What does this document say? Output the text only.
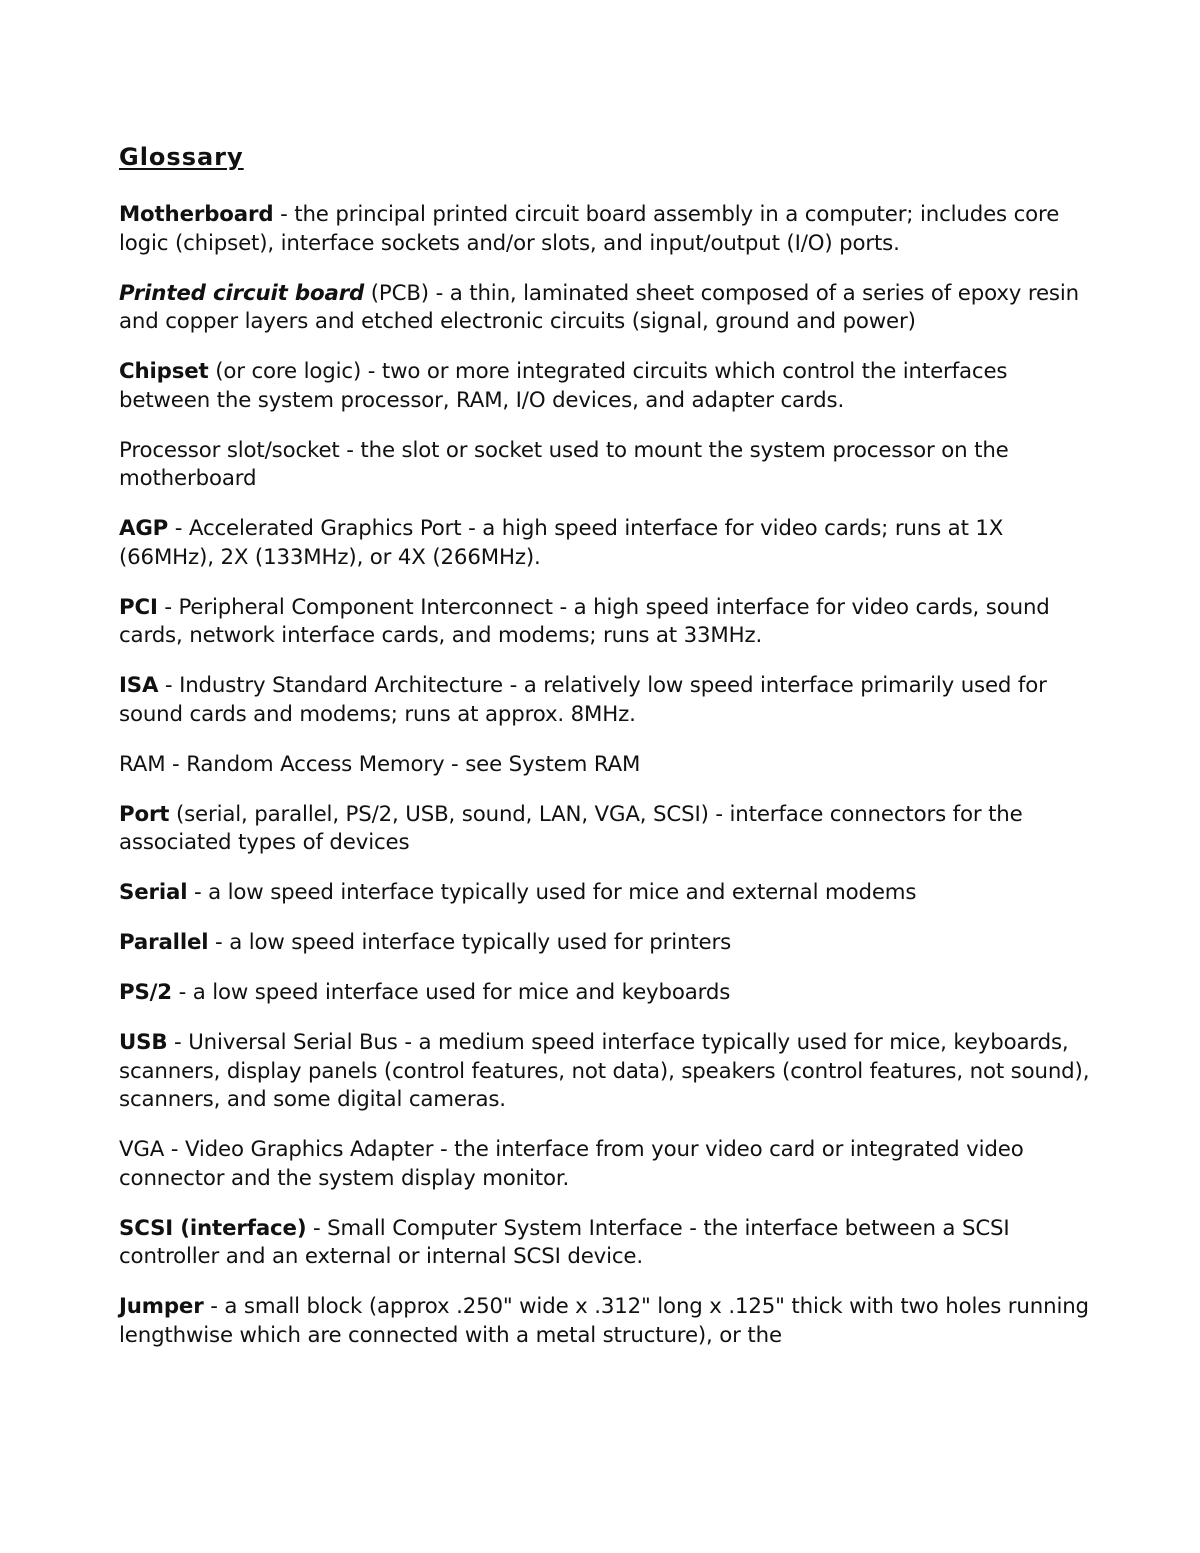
Glossary

Motherboard - the principal printed circuit board assembly in a computer; includes core logic (chipset), interface sockets and/or slots, and input/output (I/O) ports.

Printed circuit board (PCB) - a thin, laminated sheet composed of a series of epoxy resin and copper layers and etched electronic circuits (signal, ground and power)

Chipset (or core logic) - two or more integrated circuits which control the interfaces between the system processor, RAM, I/O devices, and adapter cards.

Processor slot/socket - the slot or socket used to mount the system processor on the motherboard

AGP - Accelerated Graphics Port - a high speed interface for video cards; runs at 1X (66MHz), 2X (133MHz), or 4X (266MHz).

PCI - Peripheral Component Interconnect - a high speed interface for video cards, sound cards, network interface cards, and modems; runs at 33MHz.

ISA - Industry Standard Architecture - a relatively low speed interface primarily used for sound cards and modems; runs at approx. 8MHz.

RAM - Random Access Memory - see System RAM

Port (serial, parallel, PS/2, USB, sound, LAN, VGA, SCSI) - interface connectors for the associated types of devices

Serial - a low speed interface typically used for mice and external modems

Parallel - a low speed interface typically used for printers

PS/2 - a low speed interface used for mice and keyboards

USB - Universal Serial Bus - a medium speed interface typically used for mice, keyboards, scanners, display panels (control features, not data), speakers (control features, not sound), scanners, and some digital cameras.

VGA - Video Graphics Adapter - the interface from your video card or integrated video connector and the system display monitor.

SCSI (interface) - Small Computer System Interface - the interface between a SCSI controller and an external or internal SCSI device.

Jumper - a small block (approx .250" wide x .312" long x .125" thick with two holes running lengthwise which are connected with a metal structure), or the
